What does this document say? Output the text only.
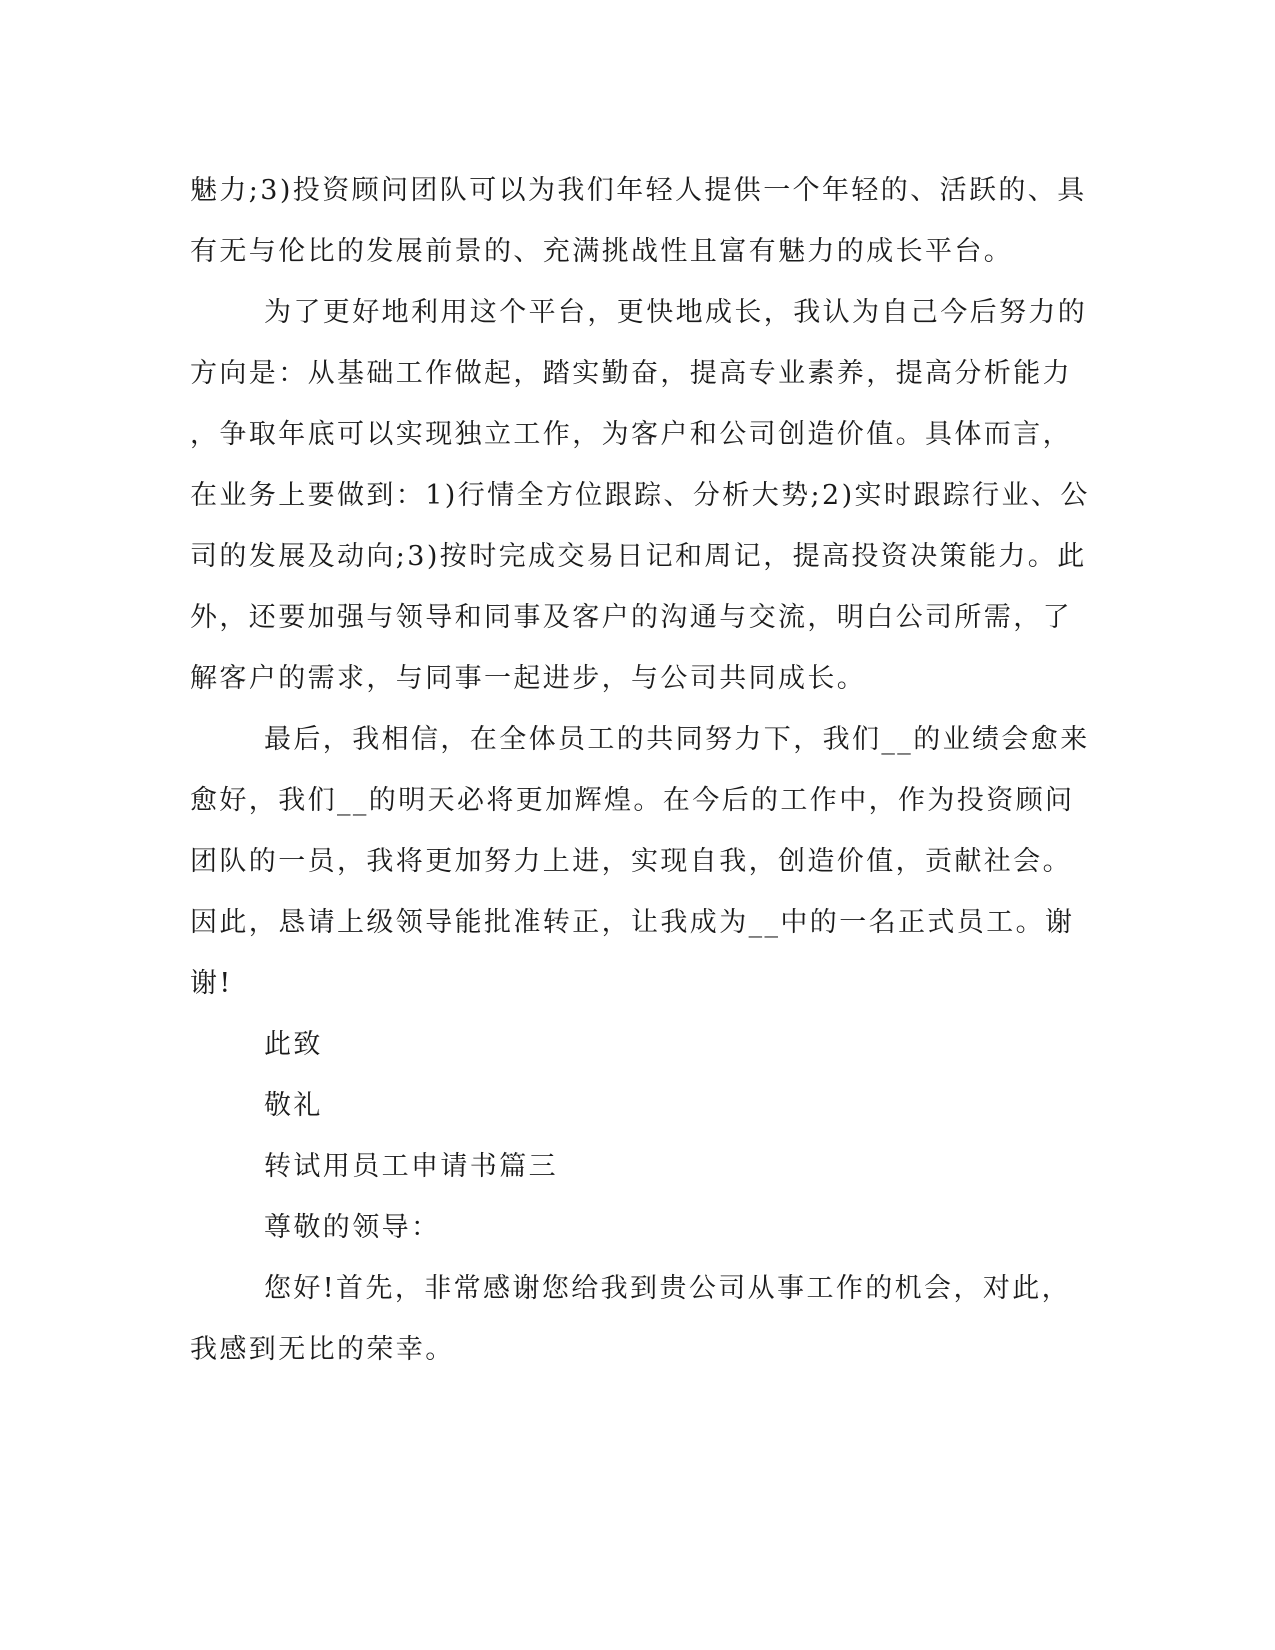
魅力;3)投资顾问团队可以为我们年轻人提供一个年轻的、活跃的、具
有无与伦比的发展前景的、充满挑战性且富有魅力的成长平台。
为了更好地利用这个平台，更快地成长，我认为自己今后努力的
方向是：从基础工作做起，踏实勤奋，提高专业素养，提高分析能力
，争取年底可以实现独立工作，为客户和公司创造价值。具体而言，
在业务上要做到：1)行情全方位跟踪、分析大势;2)实时跟踪行业、公
司的发展及动向;3)按时完成交易日记和周记，提高投资决策能力。此
外，还要加强与领导和同事及客户的沟通与交流，明白公司所需，了
解客户的需求，与同事一起进步，与公司共同成长。
最后，我相信，在全体员工的共同努力下，我们__的业绩会愈来
愈好，我们__的明天必将更加辉煌。在今后的工作中，作为投资顾问
团队的一员，我将更加努力上进，实现自我，创造价值，贡献社会。
因此，恳请上级领导能批准转正，让我成为__中的一名正式员工。谢
谢!
此致
敬礼
转试用员工申请书篇三
尊敬的领导：
您好!首先，非常感谢您给我到贵公司从事工作的机会，对此，
我感到无比的荣幸。
